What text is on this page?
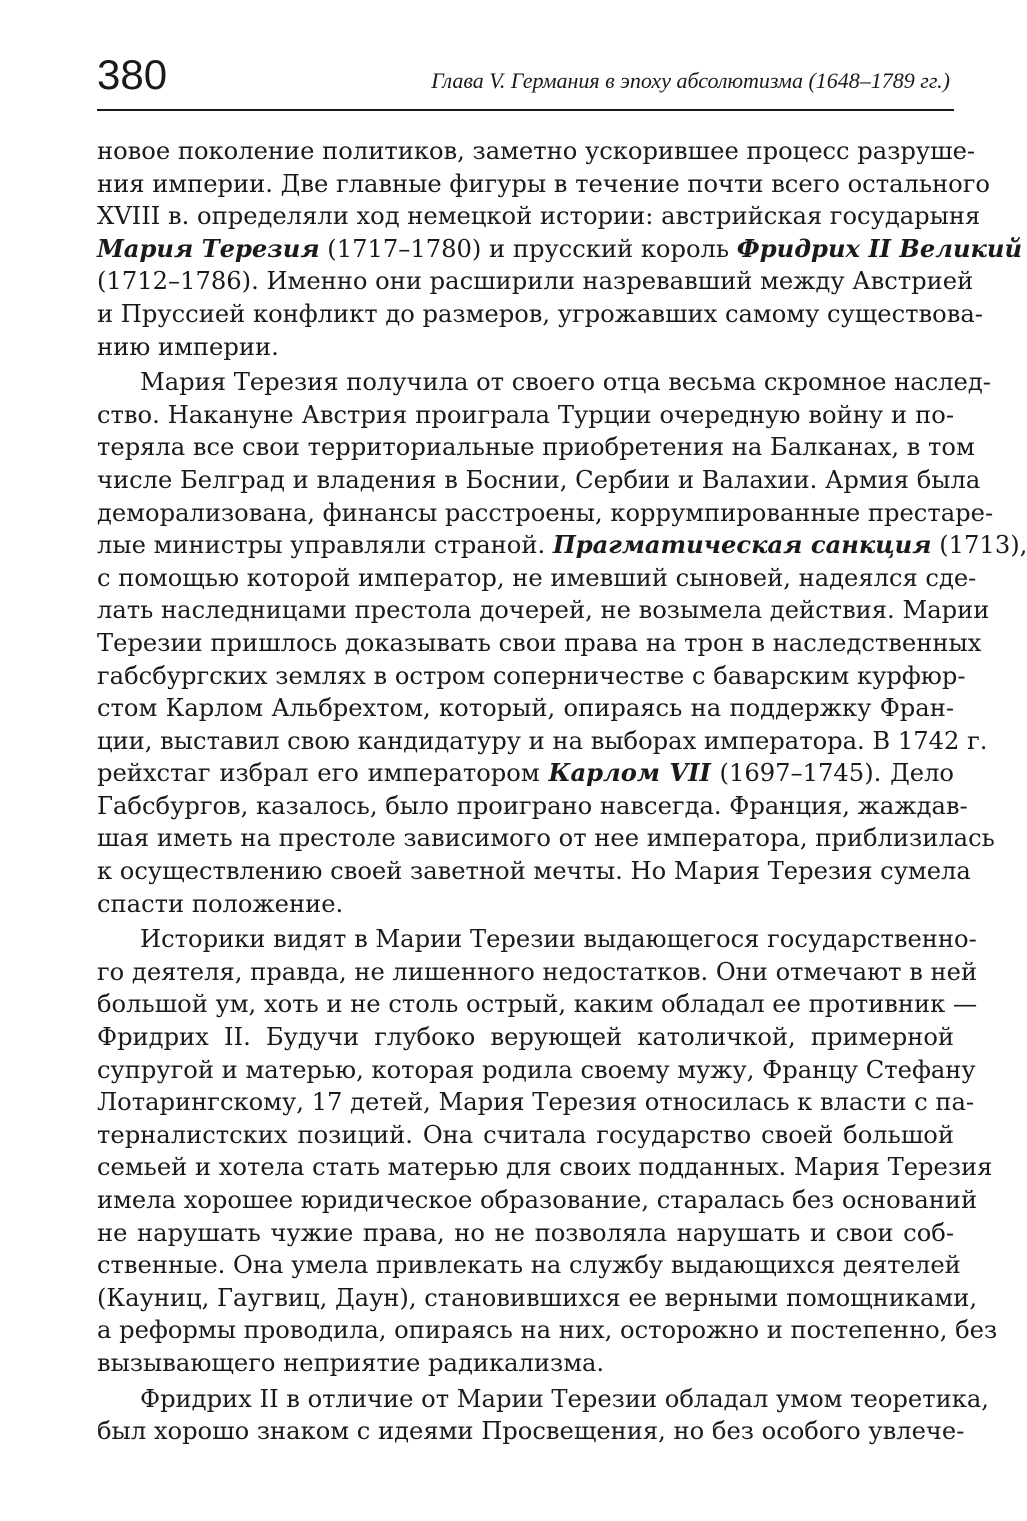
380	Глава V. Германия в эпоху абсолютизма (1648–1789 гг.)
новое поколение политиков, заметно ускорившее процесс разруше-
ния империи. Две главные фигуры в течение почти всего остального
XVIII в. определяли ход немецкой истории: австрийская государыня
Мария Терезия (1717–1780) и прусский король Фридрих II Великий
(1712–1786). Именно они расширили назревавший между Австрией
и Пруссией конфликт до размеров, угрожавших самому существова-
нию империи.
Мария Терезия получила от своего отца весьма скромное наслед-
ство. Накануне Австрия проиграла Турции очередную войну и по-
теряла все свои территориальные приобретения на Балканах, в том
числе Белград и владения в Боснии, Сербии и Валахии. Армия была
деморализована, финансы расстроены, коррумпированные престаре-
лые министры управляли страной. Прагматическая санкция (1713),
с помощью которой император, не имевший сыновей, надеялся сде-
лать наследницами престола дочерей, не возымела действия. Марии
Терезии пришлось доказывать свои права на трон в наследственных
габсбургских землях в остром соперничестве с баварским курфюр-
стом Карлом Альбрехтом, который, опираясь на поддержку Фран-
ции, выставил свою кандидатуру и на выборах императора. В 1742 г.
рейхстаг избрал его императором Карлом VII (1697–1745). Дело
Габсбургов, казалось, было проиграно навсегда. Франция, жаждав-
шая иметь на престоле зависимого от нее императора, приблизилась
к осуществлению своей заветной мечты. Но Мария Терезия сумела
спасти положение.
Историки видят в Марии Терезии выдающегося государственно-
го деятеля, правда, не лишенного недостатков. Они отмечают в ней
большой ум, хоть и не столь острый, каким обладал ее противник —
Фридрих II. Будучи глубоко верующей католичкой, примерной
супругой и матерью, которая родила своему мужу, Францу Стефану
Лотарингскому, 17 детей, Мария Терезия относилась к власти с па-
терналистских позиций. Она считала государство своей большой
семьей и хотела стать матерью для своих подданных. Мария Терезия
имела хорошее юридическое образование, старалась без оснований
не нарушать чужие права, но не позволяла нарушать и свои соб-
ственные. Она умела привлекать на службу выдающихся деятелей
(Кауниц, Гаугвиц, Даун), становившихся ее верными помощниками,
а реформы проводила, опираясь на них, осторожно и постепенно, без
вызывающего неприятие радикализма.
Фридрих II в отличие от Марии Терезии обладал умом теоретика,
был хорошо знаком с идеями Просвещения, но без особого увлече-
